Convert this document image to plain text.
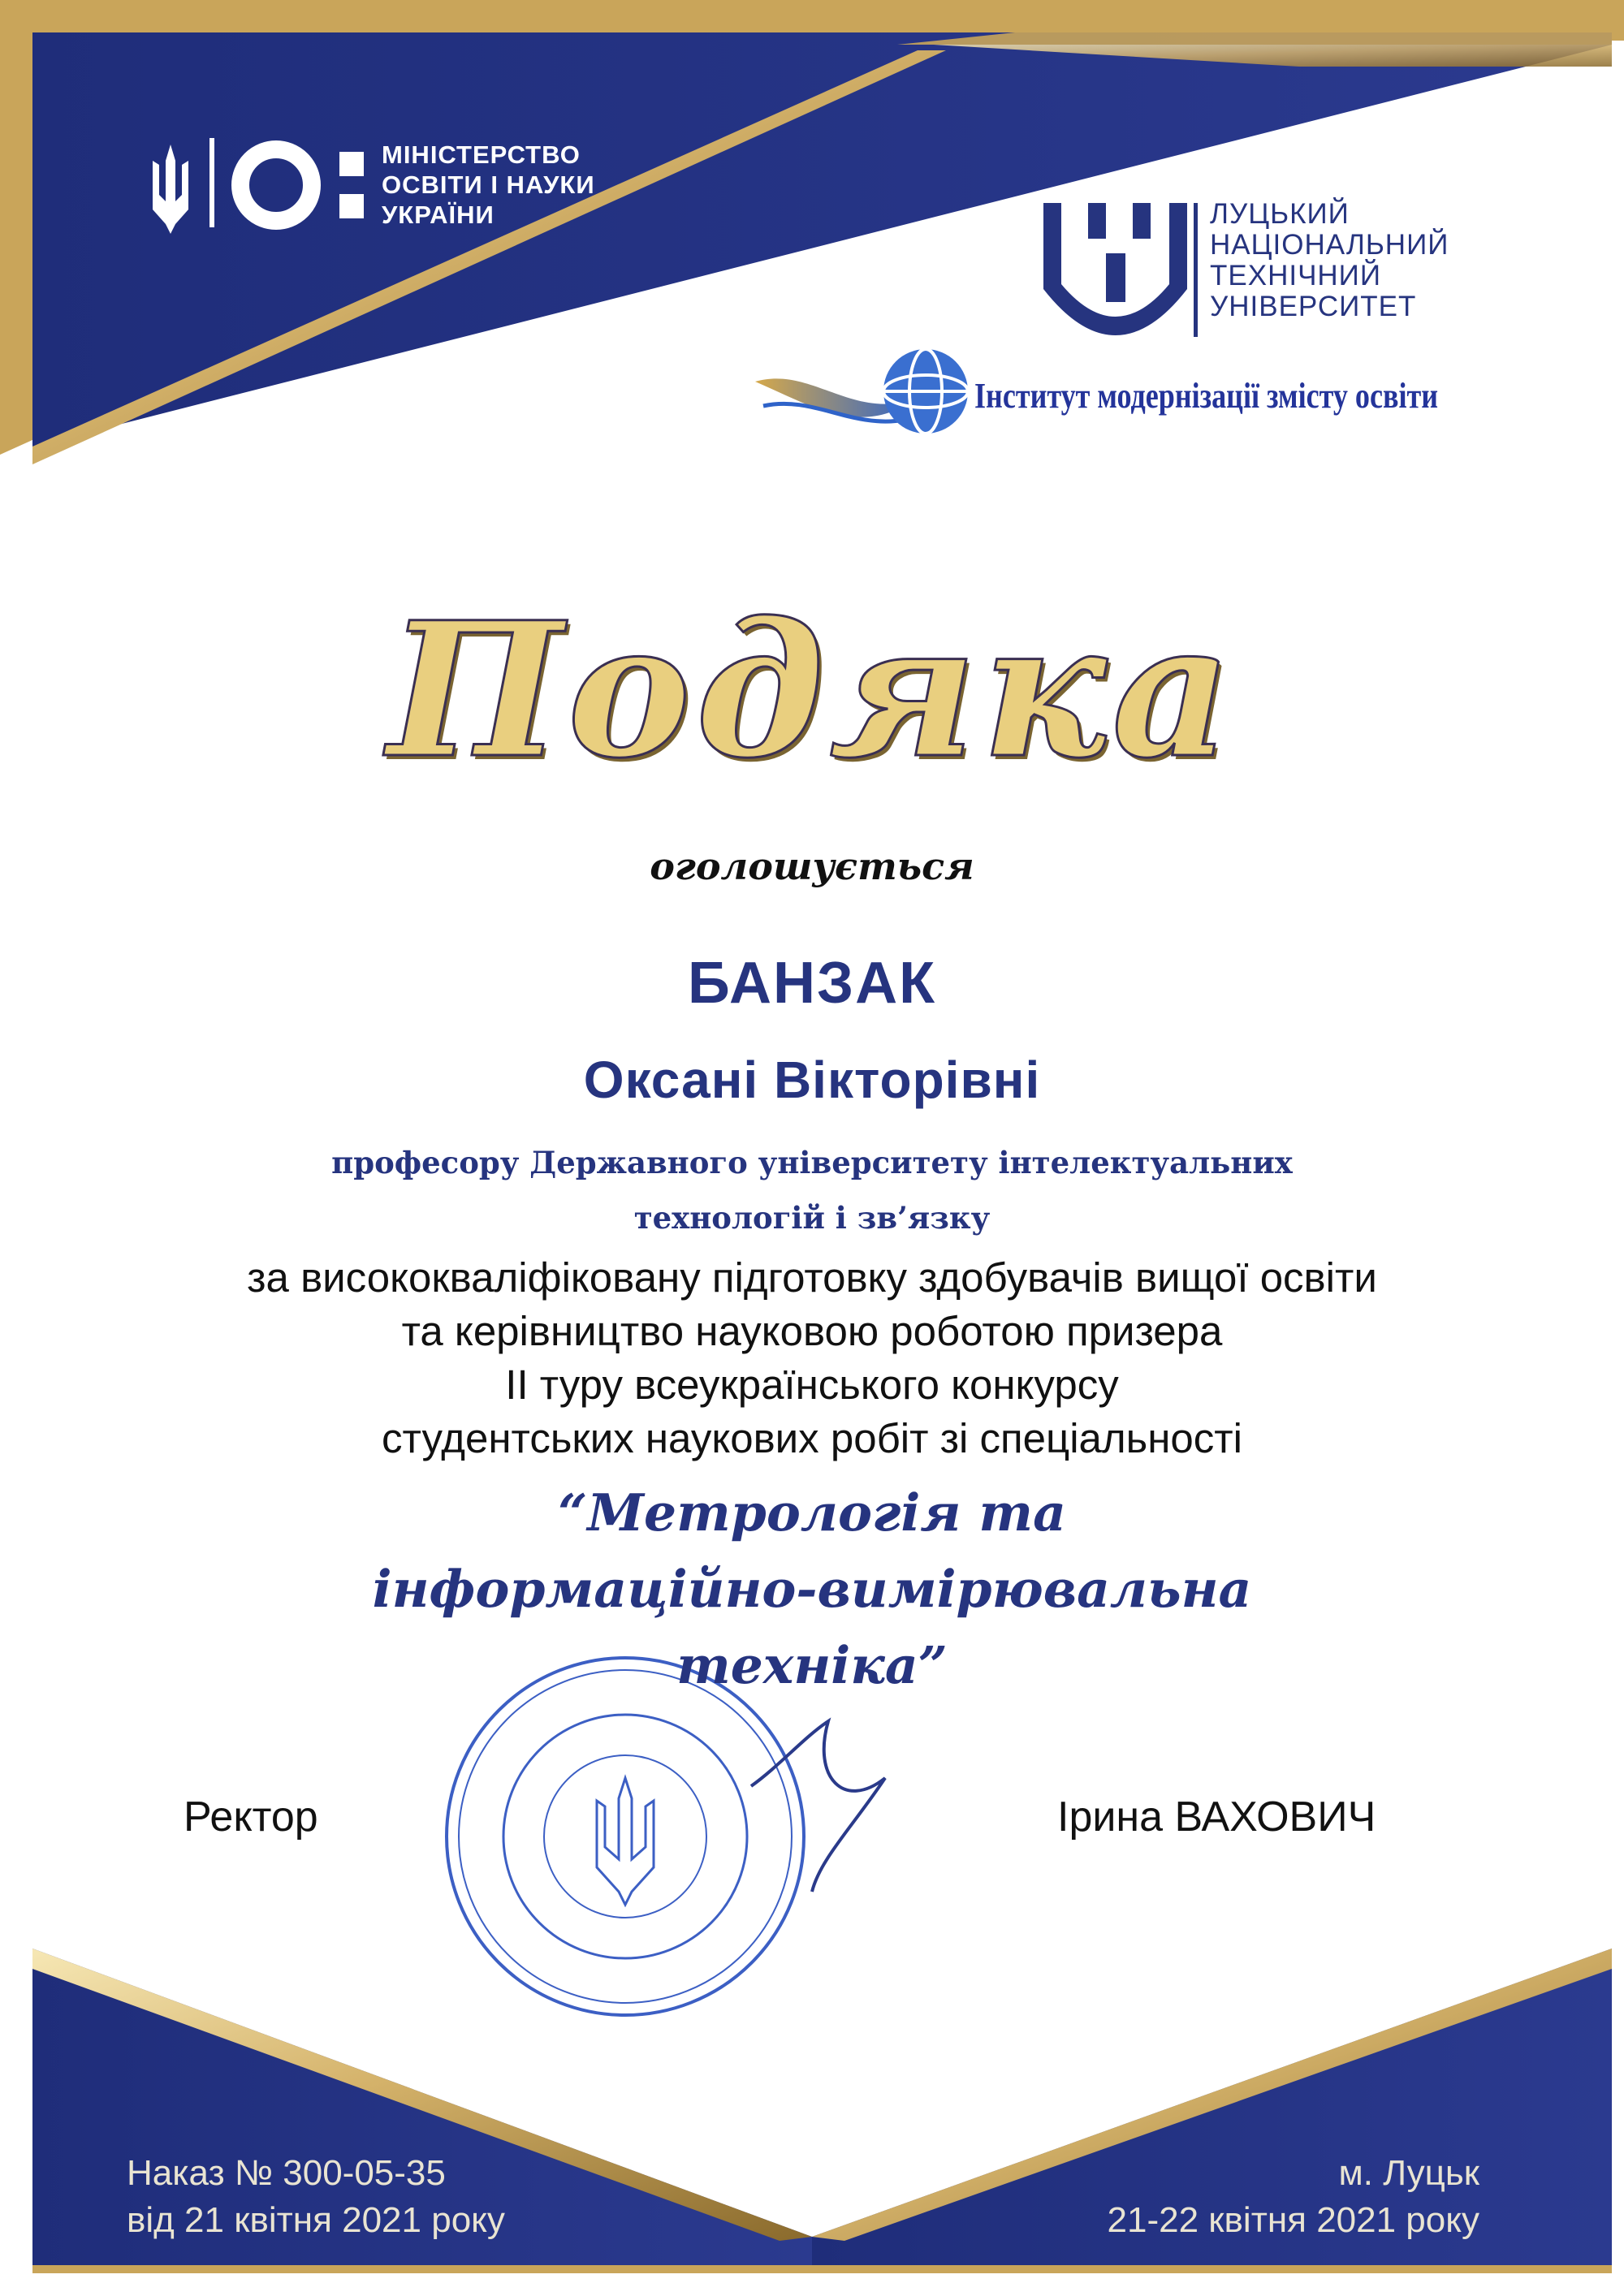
МІНІСТЕРСТВО
ОСВІТИ І НАУКИ
УКРАЇНИ	ЛУЦЬКИЙ
НАЦІОНАЛЬНИЙ
ТЕХНІЧНИЙ
УНІВЕРСИТЕТ
Інститут модернізації змісту освіти
Подяка
оголошується
БАНЗАК
Оксані Вікторівні
професору Державного університету інтелектуальних
технологій і зв’язку
за висококваліфіковану підготовку здобувачів вищої освіти
та керівництво науковою роботою призера
ІІ туру всеукраїнського конкурсу
студентських наукових робіт зі спеціальності
“Метрологія та
інформаційно-вимірювальна
техніка”
Ректор	Ірина ВАХОВИЧ
Наказ № 300-05-35
від 21 квітня 2021 року
м. Луцьк
21-22 квітня 2021 року
